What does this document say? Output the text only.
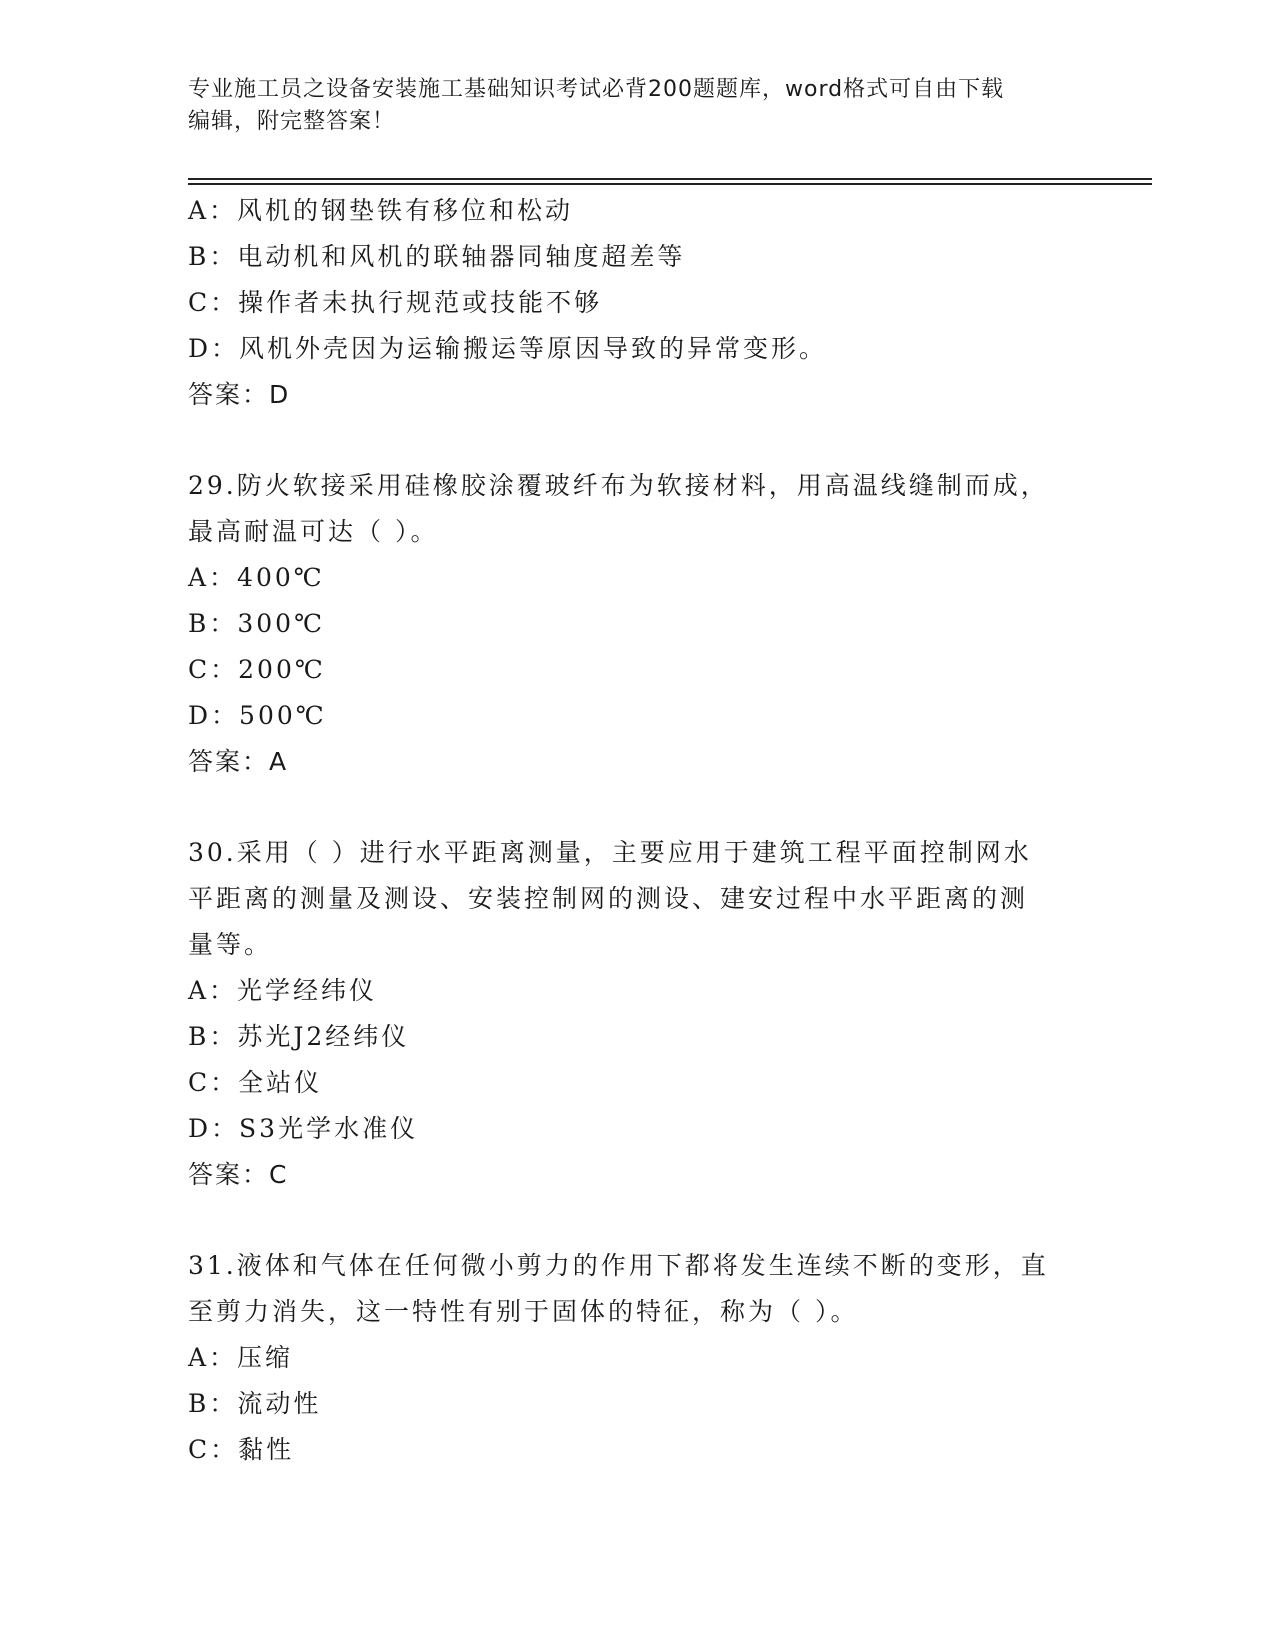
专业施工员之设备安装施工基础知识考试必背200题题库，word格式可自由下载
编辑，附完整答案！
A：风机的钢垫铁有移位和松动
B：电动机和风机的联轴器同轴度超差等
C：操作者未执行规范或技能不够
D：风机外壳因为运输搬运等原因导致的异常变形。
答案：D
29.防火软接采用硅橡胶涂覆玻纤布为软接材料，用高温线缝制而成，
最高耐温可达（ ）。
A：400℃
B：300℃
C：200℃
D：500℃
答案：A
30.采用（ ）进行水平距离测量，主要应用于建筑工程平面控制网水
平距离的测量及测设、安装控制网的测设、建安过程中水平距离的测
量等。
A：光学经纬仪
B：苏光J2经纬仪
C：全站仪
D：S3光学水准仪
答案：C
31.液体和气体在任何微小剪力的作用下都将发生连续不断的变形，直
至剪力消失，这一特性有别于固体的特征，称为（ ）。
A：压缩
B：流动性
C：黏性
